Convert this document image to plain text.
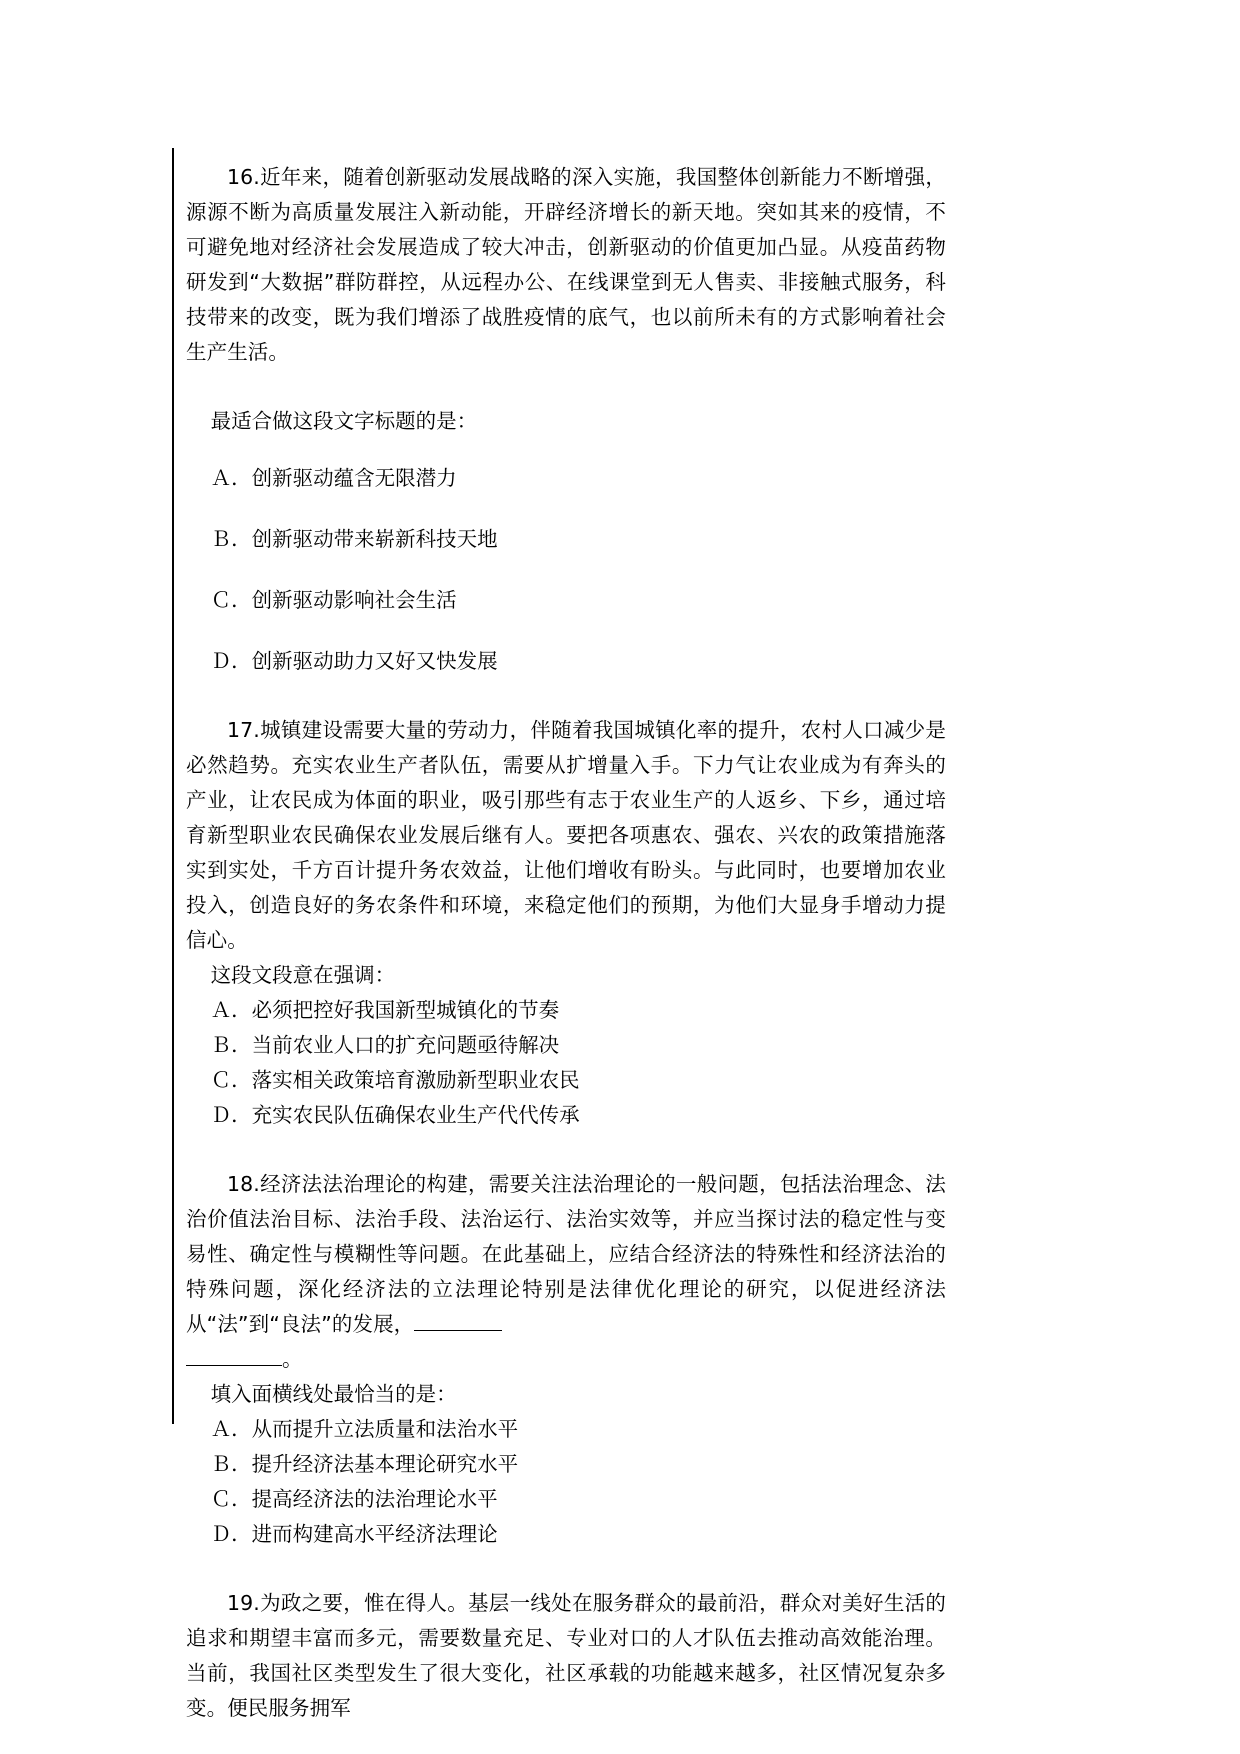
16.近年来，随着创新驱动发展战略的深入实施，我国整体创新能力不断增强，源源不断为高质量发展注入新动能，开辟经济增长的新天地。突如其来的疫情，不可避免地对经济社会发展造成了较大冲击，创新驱动的价值更加凸显。从疫苗药物研发到“大数据”群防群控，从远程办公、在线课堂到无人售卖、非接触式服务，科技带来的改变，既为我们增添了战胜疫情的底气，也以前所未有的方式影响着社会生产生活。

最适合做这段文字标题的是：

Ａ．创新驱动蕴含无限潜力

Ｂ．创新驱动带来崭新科技天地

Ｃ．创新驱动影响社会生活

Ｄ．创新驱动助力又好又快发展

17.城镇建设需要大量的劳动力，伴随着我国城镇化率的提升，农村人口减少是必然趋势。充实农业生产者队伍，需要从扩增量入手。下力气让农业成为有奔头的产业，让农民成为体面的职业，吸引那些有志于农业生产的人返乡、下乡，通过培育新型职业农民确保农业发展后继有人。要把各项惠农、强农、兴农的政策措施落实到实处，千方百计提升务农效益，让他们增收有盼头。与此同时，也要增加农业投入，创造良好的务农条件和环境，来稳定他们的预期，为他们大显身手增动力提信心。

这段文段意在强调：

Ａ．必须把控好我国新型城镇化的节奏

Ｂ．当前农业人口的扩充问题亟待解决

Ｃ．落实相关政策培育激励新型职业农民

Ｄ．充实农民队伍确保农业生产代代传承

18.经济法法治理论的构建，需要关注法治理论的一般问题，包括法治理念、法治价值法治目标、法治手段、法治运行、法治实效等，并应当探讨法的稳定性与变易性、确定性与模糊性等问题。在此基础上，应结合经济法的特殊性和经济法治的特殊问题，深化经济法的立法理论特别是法律优化理论的研究，以促进经济法从“法”到“良法”的发展，
。

填入面横线处最恰当的是：

Ａ．从而提升立法质量和法治水平

Ｂ．提升经济法基本理论研究水平

Ｃ．提高经济法的法治理论水平

Ｄ．进而构建高水平经济法理论

19.为政之要，惟在得人。基层一线处在服务群众的最前沿，群众对美好生活的追求和期望丰富而多元，需要数量充足、专业对口的人才队伍去推动高效能治理。当前，我国社区类型发生了很大变化，社区承载的功能越来越多，社区情况复杂多变。便民服务拥军
